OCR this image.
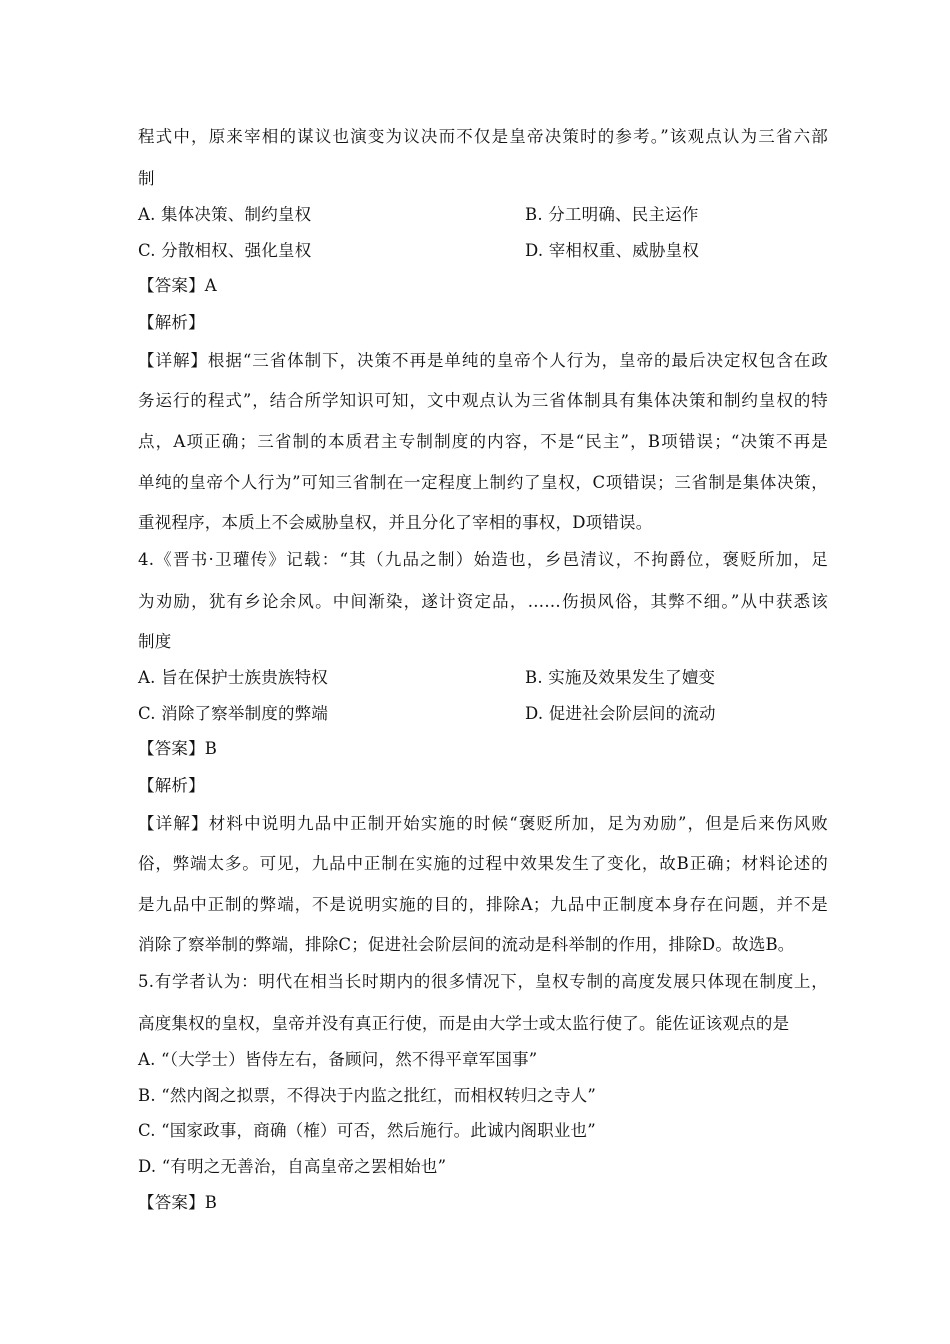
程式中，原来宰相的谋议也演变为议决而不仅是皇帝决策时的参考。”该观点认为三省六部
制
A. 集体决策、制约皇权	B. 分工明确、民主运作
C. 分散相权、强化皇权	D. 宰相权重、威胁皇权
【答案】A
【解析】
【详解】根据“三省体制下，决策不再是单纯的皇帝个人行为，皇帝的最后决定权包含在政
务运行的程式”，结合所学知识可知，文中观点认为三省体制具有集体决策和制约皇权的特
点，A项正确；三省制的本质君主专制制度的内容，不是“民主”，B项错误；“决策不再是
单纯的皇帝个人行为”可知三省制在一定程度上制约了皇权，C项错误；三省制是集体决策，
重视程序，本质上不会威胁皇权，并且分化了宰相的事权，D项错误。
4.《晋书·卫瓘传》记载：“其（九品之制）始造也，乡邑清议，不拘爵位，褒贬所加，足
为劝励，犹有乡论余风。中间渐染，遂计资定品，……伤损风俗，其弊不细。”从中获悉该
制度
A. 旨在保护士族贵族特权	B. 实施及效果发生了嬗变
C. 消除了察举制度的弊端	D. 促进社会阶层间的流动
【答案】B
【解析】
【详解】材料中说明九品中正制开始实施的时候“褒贬所加，足为劝励”，但是后来伤风败
俗，弊端太多。可见，九品中正制在实施的过程中效果发生了变化，故B正确；材料论述的
是九品中正制的弊端，不是说明实施的目的，排除A；九品中正制度本身存在问题，并不是
消除了察举制的弊端，排除C；促进社会阶层间的流动是科举制的作用，排除D。故选B。
5.有学者认为：明代在相当长时期内的很多情况下，皇权专制的高度发展只体现在制度上，
高度集权的皇权，皇帝并没有真正行使，而是由大学士或太监行使了。能佐证该观点的是
A. “（大学士）皆侍左右，备顾问，然不得平章军国事”
B. “然内阁之拟票，不得决于内监之批红，而相权转归之寺人”
C. “国家政事，商确（榷）可否，然后施行。此诚内阁职业也”
D. “有明之无善治，自高皇帝之罢相始也”
【答案】B
